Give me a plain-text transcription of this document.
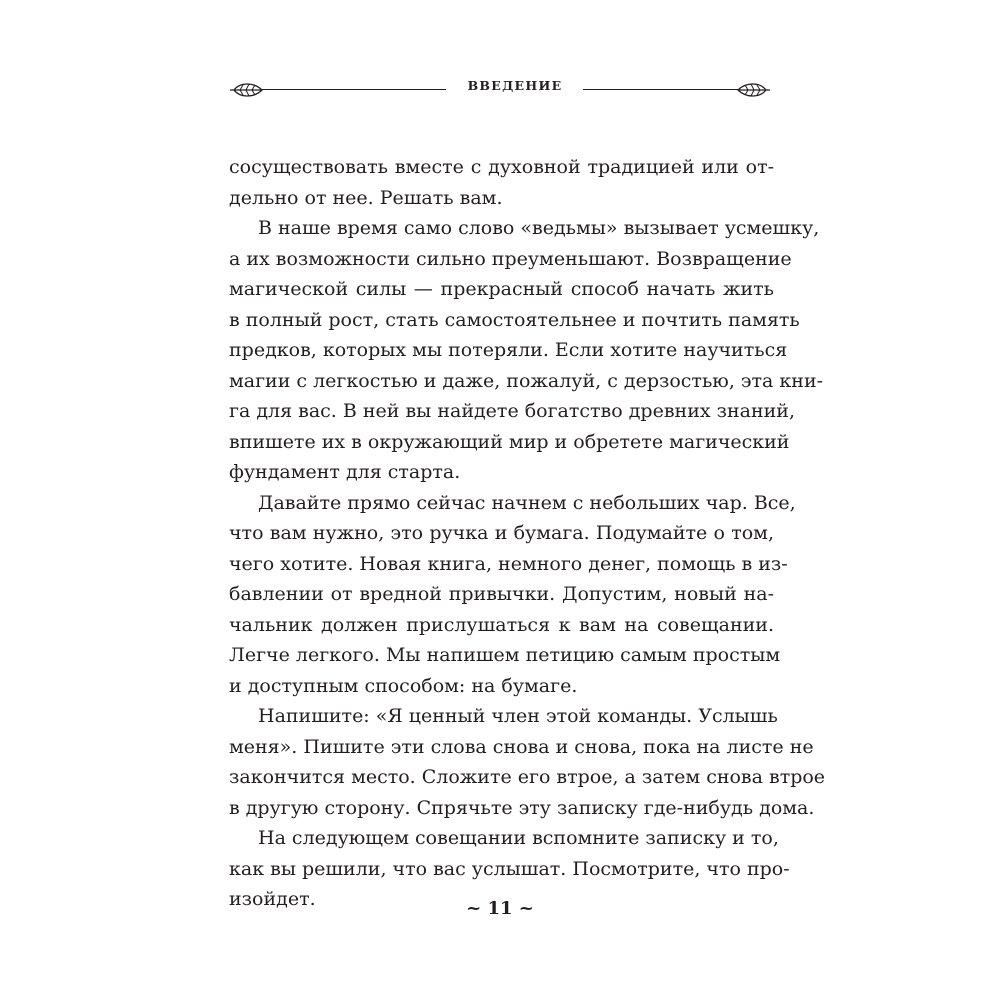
ВВЕДЕНИЕ

сосуществовать вместе с духовной традицией или от-
дельно от нее. Решать вам.

В наше время само слово «ведьмы» вызывает усмешку,
а их возможности сильно преуменьшают. Возвращение
магической силы — прекрасный способ начать жить
в полный рост, стать самостоятельнее и почтить память
предков, которых мы потеряли. Если хотите научиться
магии с легкостью и даже, пожалуй, с дерзостью, эта кни-
га для вас. В ней вы найдете богатство древних знаний,
впишете их в окружающий мир и обретете магический
фундамент для старта.

Давайте прямо сейчас начнем с небольших чар. Все,
что вам нужно, это ручка и бумага. Подумайте о том,
чего хотите. Новая книга, немного денег, помощь в из-
бавлении от вредной привычки. Допустим, новый на-
чальник должен прислушаться к вам на совещании.
Легче легкого. Мы напишем петицию самым простым
и доступным способом: на бумаге.

Напишите: «Я ценный член этой команды. Услышь
меня». Пишите эти слова снова и снова, пока на листе не
закончится место. Сложите его втрое, а затем снова втрое
в другую сторону. Спрячьте эту записку где-нибудь дома.

На следующем совещании вспомните записку и то,
как вы решили, что вас услышат. Посмотрите, что про-
изойдет.	~ 11 ~
